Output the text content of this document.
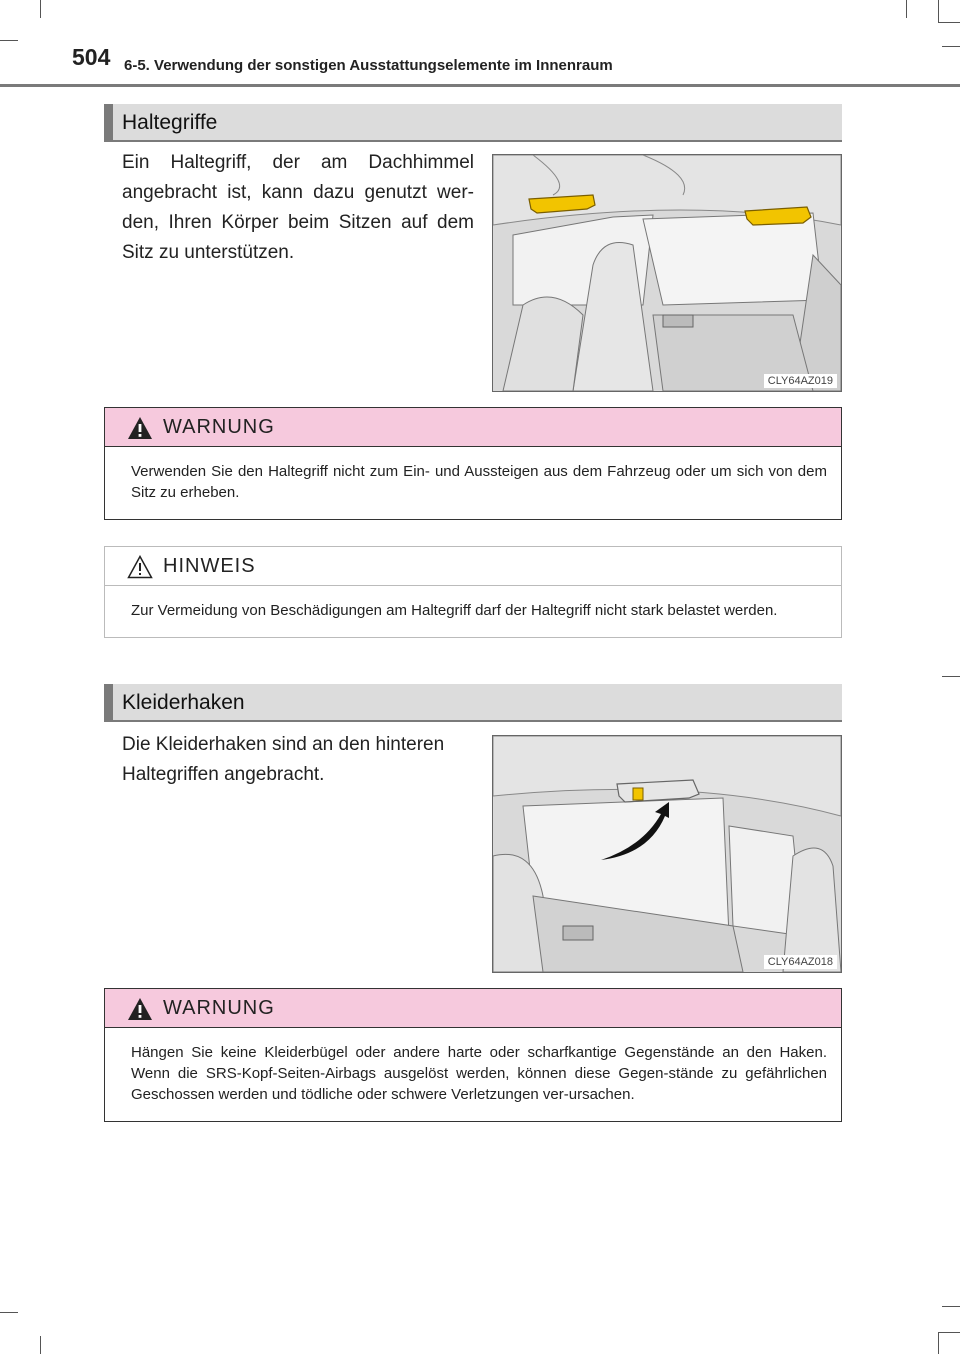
504 6-5. Verwendung der sonstigen Ausstattungselemente im Innenraum
Haltegriffe
Ein Haltegriff, der am Dachhimmel angebracht ist, kann dazu genutzt wer-den, Ihren Körper beim Sitzen auf dem Sitz zu unterstützen.
CLY64AZ019
WARNUNG
Verwenden Sie den Haltegriff nicht zum Ein- und Aussteigen aus dem Fahrzeug oder um sich von dem Sitz zu erheben.
HINWEIS
Zur Vermeidung von Beschädigungen am Haltegriff darf der Haltegriff nicht stark belastet werden.
Kleiderhaken
Die Kleiderhaken sind an den hinteren Haltegriffen angebracht.
CLY64AZ018
WARNUNG
Hängen Sie keine Kleiderbügel oder andere harte oder scharfkantige Gegenstände an den Haken. Wenn die SRS-Kopf-Seiten-Airbags ausgelöst werden, können diese Gegen-stände zu gefährlichen Geschossen werden und tödliche oder schwere Verletzungen ver-ursachen.
